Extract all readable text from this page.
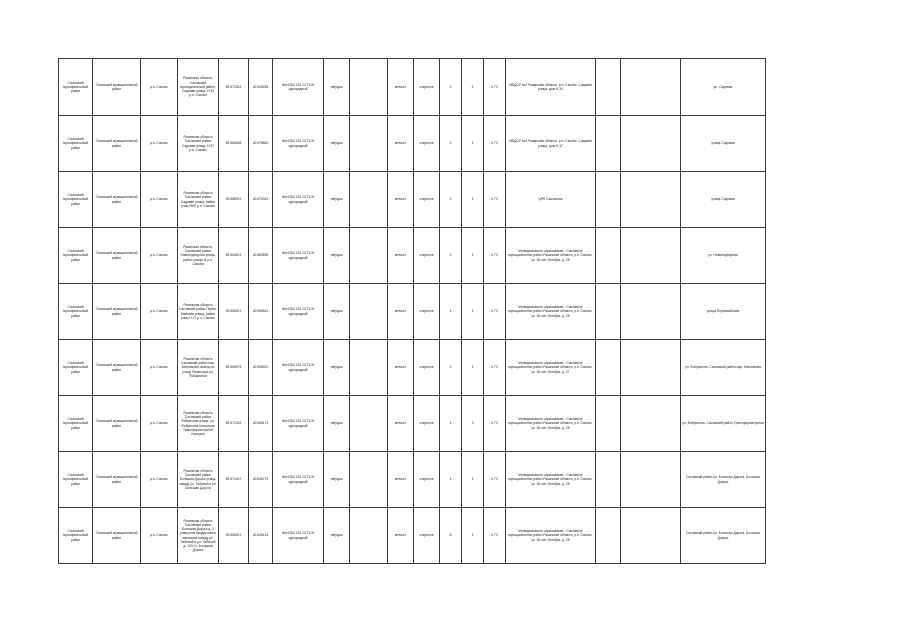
Сасовский муниципальный район	Сасовский муниципальный район	р.п. Сасово	Рязанская область, Сасовский муниципальный район, Садовая улица, Н.34 р.п. Сасово	53.972341	40.856283	Hev.RAZ 221 12 Т100 однорядный	твердое		металл	открытое	3	2	0,72	МБДОУ №2 Рязанская область, р.п. Сасово, Садовая улица, дом Н.34			ул. Садовая
Сасовский муниципальный район	Сасовский муниципальный район	р.п. Сасово	Рязанская область Сасовский район Садовая улица, Н.37 р.п. Сасово	53.966465	40.878882	Hev.RAZ 221 12 Т100 однорядный	твердое		металл	открытое	3	1	0,72	МБДОУ №3 Рязанская область, р.п. Сасово, Садовая улица, дом Н.37			улица Садовая
Сасовский муниципальный район	Сасовский муниципальный район	р.п. Сасово	Рязанская область Сасовский район Садовая улица, район улиц МКП р.п. Сасово	53.968911	40.870315	Hev.RAZ 221 12 Т100 однорядный	твердое		металл	открытое	3	1	0,72	ЦРБ Сасовская			улица Садовая
Сасовский муниципальный район	Сасовский муниципальный район	р.п. Сасово	Рязанская область, Сасовский район Новоподборная улица, район улицы N р.п. Сасово	53.966601	40.860559	Hev.RAZ 221 12 Т100 однорядный	твердое		металл	открытое	3	1	0,72	Муниципальное образование - Сасовское муниципальное район Рязанская область, р.п. Сасово, ул. 50 лет Октября, д. 25			ул. Новоподборная
Сасовский муниципальный район	Сасовский муниципальный район	р.п. Сасово	Рязанская область Сасовский район Перво-Майская улица, район улиц Н.17 р.п. Сасово	53.968511	40.856642	Hev.RAZ 221 12 Т100 однорядный	твердое		металл	открытое	4	1	0,72	Муниципальное образование - Сасовское муниципальное район Рязанская область, р.п. Сасово, ул. 50 лет Октября, д. 25			улица Первомайская
Сасовский муниципальный район	Сасовский муниципальный район	р.п. Сасово	Рязанская область Сасовский район мкр. Мечникова, выезд на улицу Рязанскую ул. Фабричная	53.965679	40.856910	Hev.RAZ 221 12 Т100 однорядный	твердое		металл	открытое	3	1	0,72	Муниципальное образование - Сасовское муниципальное район Рязанская область, р.п. Сасово, ул. 50 лет Октября, д. 27			ул. Фабричная, Сасовский район мкр. Мечникова
Сасовский муниципальный район	Сасовский муниципальный район	р.п. Сасово	Рязанская область Сасовский район Фабричная улица, ул. Фабричная (напротив Трансформаторной станции)	53.971322	40.856173	Hev.RAZ 221 12 Т100 однорядный	твердое		металл	открытое	4	3	0,72	Муниципальное образование - Сасовское муниципальное район Рязанская область, р.п. Сасово, ул. 50 лет Октября, д. 25			ул. Фабричная, Сасовский район Трансформаторная
Сасовский муниципальный район	Сасовский муниципальный район	р.п. Сасово	Рязанская область Сасовский район Большая Дорога улица, между ул. Тибиной и ул. Большая Дорога	53.971447	40.846773	Hev.RAZ 221 12 Т100 однорядный	твердое		металл	открытое	4	1	0,72	Муниципальное образование - Сасовское муниципальное район Рязанская область, р.п. Сасово, ул. 50 лет Октября, д. 25			Сасовский район ул. Большая Дорога, Большая Дорога
Сасовский муниципальный район	Сасовский муниципальный район	р.п. Сасово	Рязанская область Сасовский район Большая Дорога д. 1 (напротив продуктового магазина) между ул. Тибиной и ул. Тибиной д. 103 Ст. Большая Дорога	53.968511	40.846143	Hev.RAZ 221 12 Т100 однорядный	твердое		металл	открытое	5	1	0,72	Муниципальное образование - Сасовское муниципальное район Рязанская область, р.п. Сасово, ул. 50 лет Октября, д. 25			Сасовский район ул. Большая Дорога, Большая Дорога
